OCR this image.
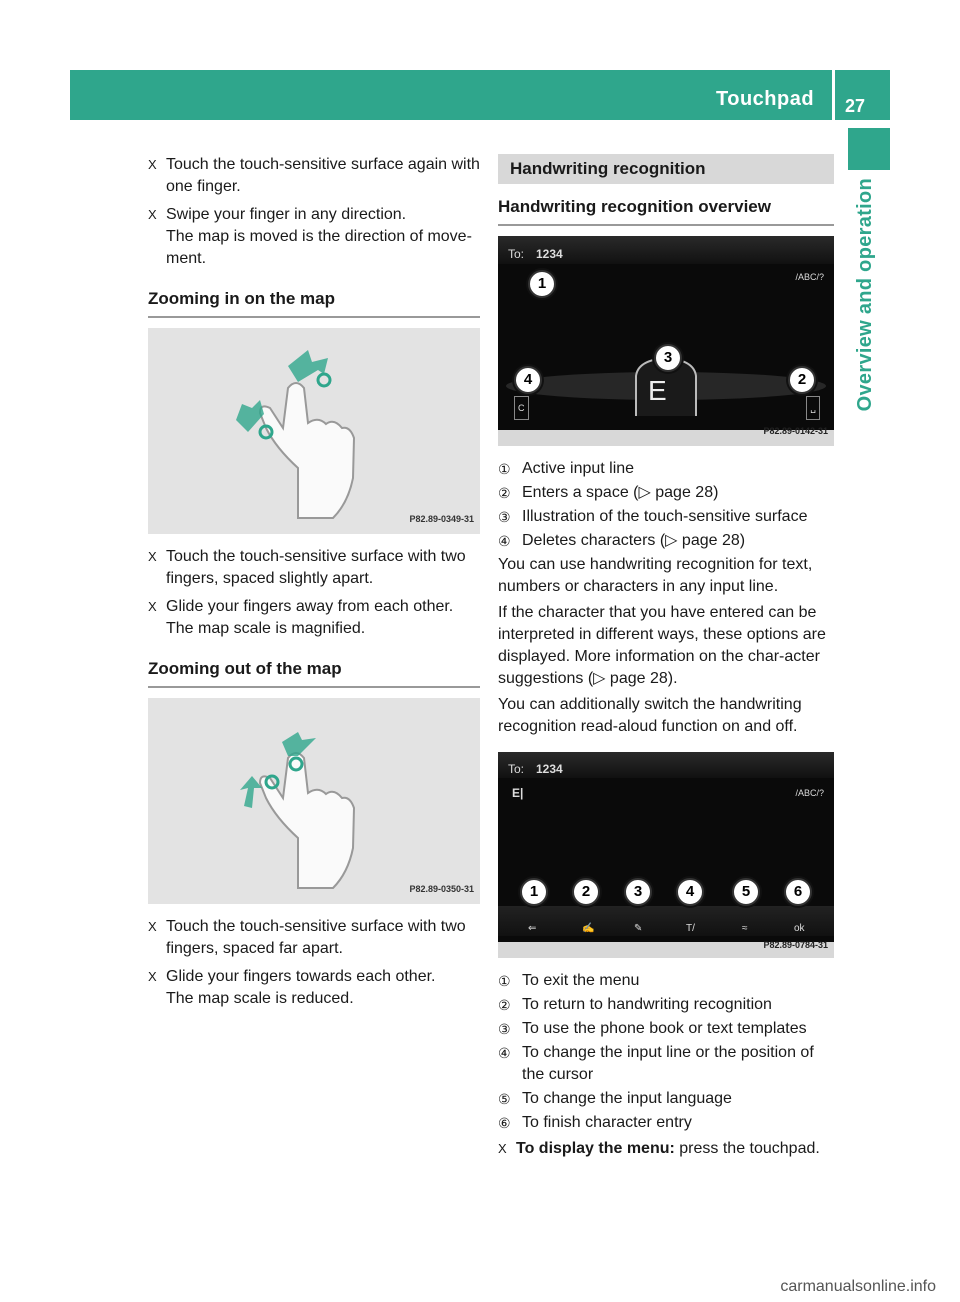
Touchpad 27
Overview and operation
X Touch the touch-sensitive surface again with one finger.
X Swipe your finger in any direction.
The map is moved is the direction of move-ment.
Zooming in on the map
P82.89-0349-31
X Touch the touch-sensitive surface with two fingers, spaced slightly apart.
X Glide your fingers away from each other.
The map scale is magnified.
Zooming out of the map
P82.89-0350-31
X Touch the touch-sensitive surface with two fingers, spaced far apart.
X Glide your fingers towards each other.
The map scale is reduced.
Handwriting recognition
Handwriting recognition overview
To: 1234
/ABC/?
E
C	␣
1
2
3
4
P82.89-0142-31
① Active input line
② Enters a space (▷ page 28)
③ Illustration of the touch-sensitive surface
④ Deletes characters (▷ page 28)

You can use handwriting recognition for text, numbers or characters in any input line.

If the character that you have entered can be interpreted in different ways, these options are displayed. More information on the char-acter suggestions (▷ page 28).

You can additionally switch the handwriting recognition read-aloud function on and off.

To: 1234
E|	/ABC/?
⇐	✍	✎	T/	≈	ok
1	2	3	4	5	6
P82.89-0784-31
① To exit the menu
② To return to handwriting recognition
③ To use the phone book or text templates
④ To change the input line or the position of the cursor
⑤ To change the input language
⑥ To finish character entry
X To display the menu: press the touchpad.
carmanualsonline.info
